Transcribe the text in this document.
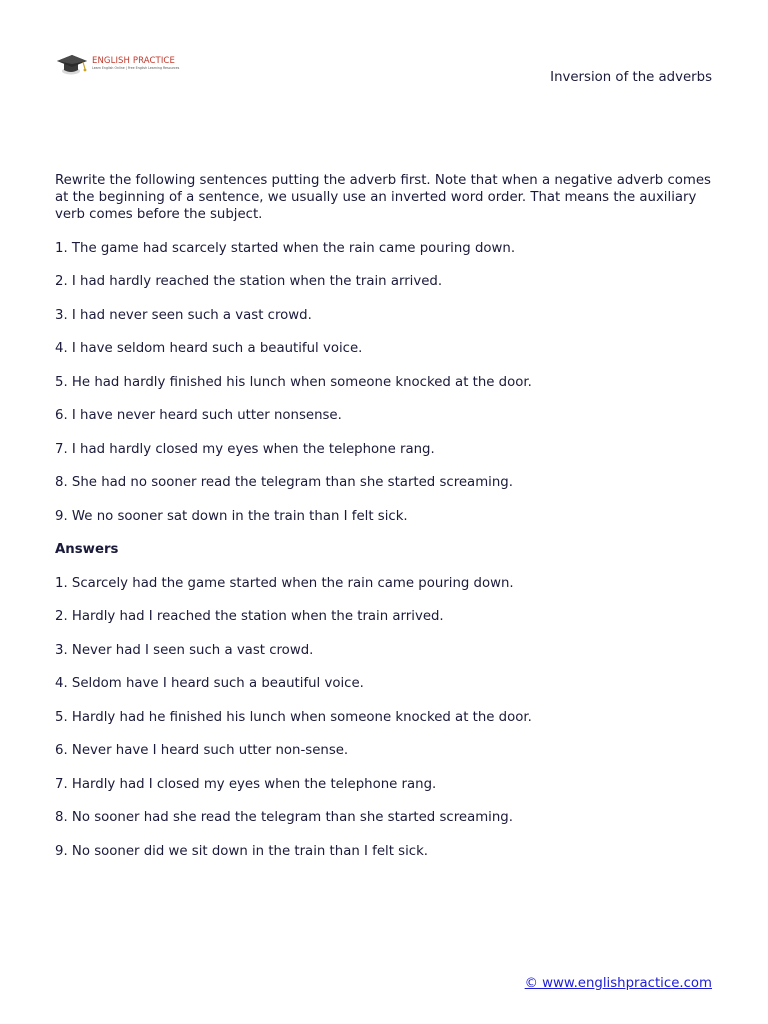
ENGLISH PRACTICE
Learn English Online | Free English Learning Resources
Inversion of the adverbs

Rewrite the following sentences putting the adverb first. Note that when a negative adverb comes at the beginning of a sentence, we usually use an inverted word order. That means the auxiliary verb comes before the subject.

1. The game had scarcely started when the rain came pouring down.

2. I had hardly reached the station when the train arrived.

3. I had never seen such a vast crowd.

4. I have seldom heard such a beautiful voice.

5. He had hardly finished his lunch when someone knocked at the door.

6. I have never heard such utter nonsense.

7. I had hardly closed my eyes when the telephone rang.

8. She had no sooner read the telegram than she started screaming.

9. We no sooner sat down in the train than I felt sick.

Answers

1. Scarcely had the game started when the rain came pouring down.

2. Hardly had I reached the station when the train arrived.

3. Never had I seen such a vast crowd.

4. Seldom have I heard such a beautiful voice.

5. Hardly had he finished his lunch when someone knocked at the door.

6. Never have I heard such utter non-sense.

7. Hardly had I closed my eyes when the telephone rang.

8. No sooner had she read the telegram than she started screaming.

9. No sooner did we sit down in the train than I felt sick.

© www.englishpractice.com
